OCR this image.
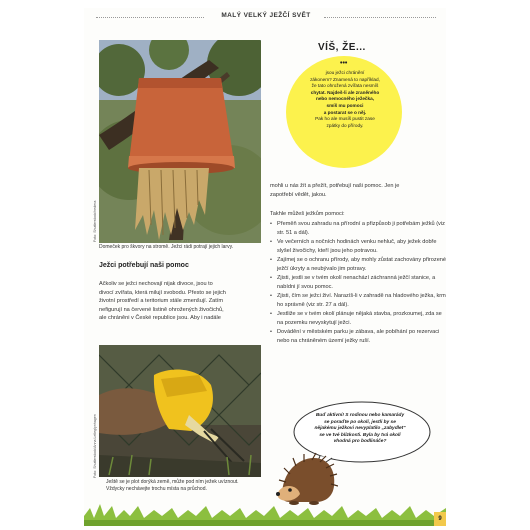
MALÝ VELKÝ JEŽČÍ SVĚT
Foto: Shutterstock/hedera
Domeček pro škvory na stromě. Ježci rádi potrají jejich larvy.
Ježci potřebují naši pomoc
Ačkoliv se ježci nechovají nijak divoce, jsou to
divocí zvířata, která milují svobodu. Přesto se jejich
životní prostředí a teritorium stále zmenšují. Zatím
nefigurují na červené listině ohrožených živočichů,
ale chráněni v České republice jsou. Aby i nadále
Foto: Shutterstock/Anna Lelleglynhagen
Ještě se je plot dorýká země, může pod ním ježek uvíznout.
Vždycky nechávejte trochu místa na průchod.
VÍŠ, ŽE...
•••
jsou ježci chránění
zákonem? Znamená to například,
že tato ohrožená zvířata nesmíš
chytat. Najdeš-li ale zraněného
nebo nemocného ježečka,
smíš mu pomoci
a postarat se o něj.
Pak ho ale musíš pustit zase
zpátky do přírody.
mohli u nás žít a přežít, potřebují naši pomoc. Jen je
zapotřebí vědět, jakou.
Takhle můžeš ježkům pomoci:
• Přeměň svou zahradu na přírodní a přizpůsob ji potřebám ježků (viz str. 51 a dál).
• Ve večerních a nočních hodinách venku nehluč, aby ježek dobře slyšel živočichy, kteří jsou jeho potravou.
• Zajímej se o ochranu přírody, aby mohly zůstat zachovány přirozené ježčí úkryty a neubývalo jim potravy.
• Zjisti, jestli se v tvém okolí nenachází záchranná ježčí stanice, a nabídni jí svou pomoc.
• Zjisti, čím se ježci živí. Narazíš-li v zahradě na hladového ježka, krm ho správně (viz str. 27 a dál).
• Jestliže se v tvém okolí plánuje nějaká stavba, prozkoumej, zda se na pozemku nevyskytují ježci.
• Dovádění v městském parku je zábava, ale pobíhání po rezervaci nebo na chráněném území ježky ruší.
Buď aktivní! S rodinou nebo kamarády
se poraďte po okolí, jestli by se
nějakému ježkovi nevyplatilo „zabydlet"
se ve tvé blízkosti. Byla by tvá okolí
vhodná pro bodlináče?
9
